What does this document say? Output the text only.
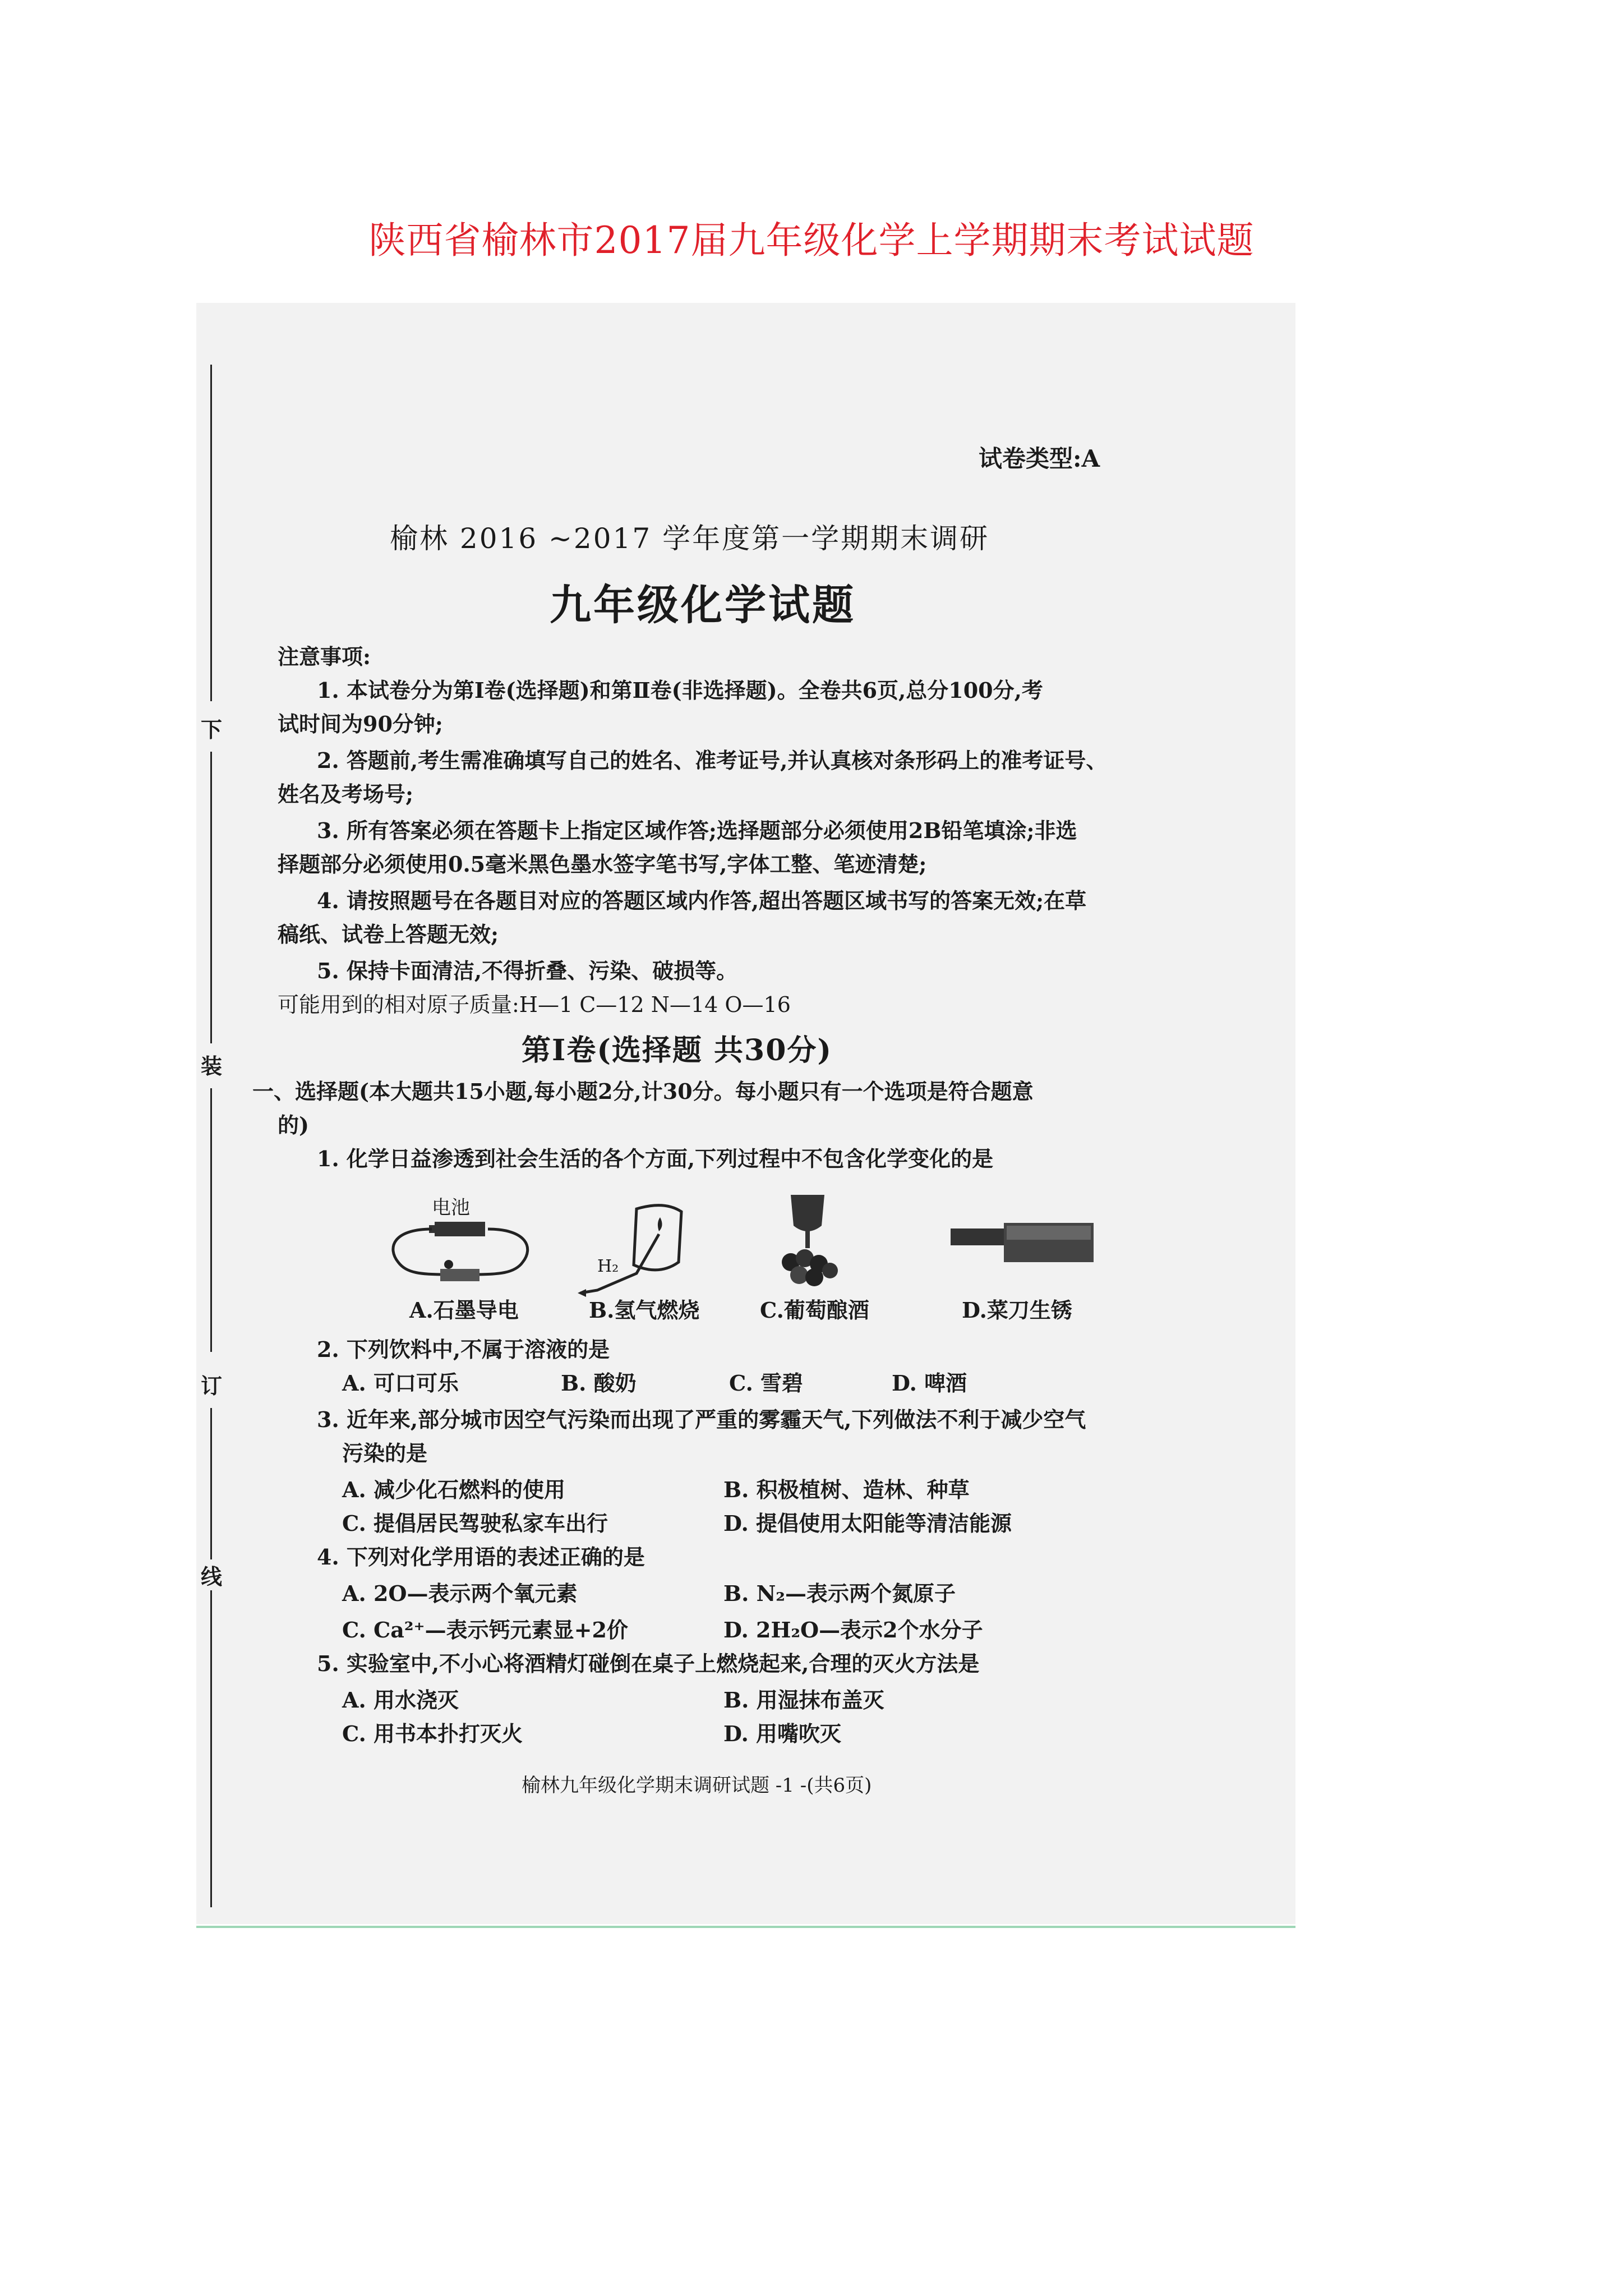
陕西省榆林市2017届九年级化学上学期期末考试试题
试卷类型:A
榆林 2016 ~2017 学年度第一学期期末调研
九年级化学试题
注意事项:
1. 本试卷分为第Ⅰ卷(选择题)和第Ⅱ卷(非选择题)。全卷共6页,总分100分,考
试时间为90分钟;
2. 答题前,考生需准确填写自己的姓名、准考证号,并认真核对条形码上的准考证号、
姓名及考场号;
3. 所有答案必须在答题卡上指定区域作答;选择题部分必须使用2B铅笔填涂;非选
择题部分必须使用0.5毫米黑色墨水签字笔书写,字体工整、笔迹清楚;
4. 请按照题号在各题目对应的答题区域内作答,超出答题区域书写的答案无效;在草
稿纸、试卷上答题无效;
5. 保持卡面清洁,不得折叠、污染、破损等。
可能用到的相对原子质量:H—1 C—12 N—14 O—16
第Ⅰ卷(选择题 共30分)
一、选择题(本大题共15小题,每小题2分,计30分。每小题只有一个选项是符合题意
的)
1. 化学日益渗透到社会生活的各个方面,下列过程中不包含化学变化的是
电池
A.石墨导电
H₂
B.氢气燃烧	C.葡萄酿酒	D.菜刀生锈
2. 下列饮料中,不属于溶液的是
A. 可口可乐	B. 酸奶	C. 雪碧	D. 啤酒
3. 近年来,部分城市因空气污染而出现了严重的雾霾天气,下列做法不利于减少空气
污染的是
A. 减少化石燃料的使用	B. 积极植树、造林、种草
C. 提倡居民驾驶私家车出行	D. 提倡使用太阳能等清洁能源
4. 下列对化学用语的表述正确的是
A. 2O—表示两个氧元素	B. N₂—表示两个氮原子
C. Ca²⁺—表示钙元素显+2价	D. 2H₂O—表示2个水分子
5. 实验室中,不小心将酒精灯碰倒在桌子上燃烧起来,合理的灭火方法是
A. 用水浇灭	B. 用湿抹布盖灭
C. 用书本扑打灭火	D. 用嘴吹灭
榆林九年级化学期末调研试题 -1 -(共6页)
下
装
订
线
